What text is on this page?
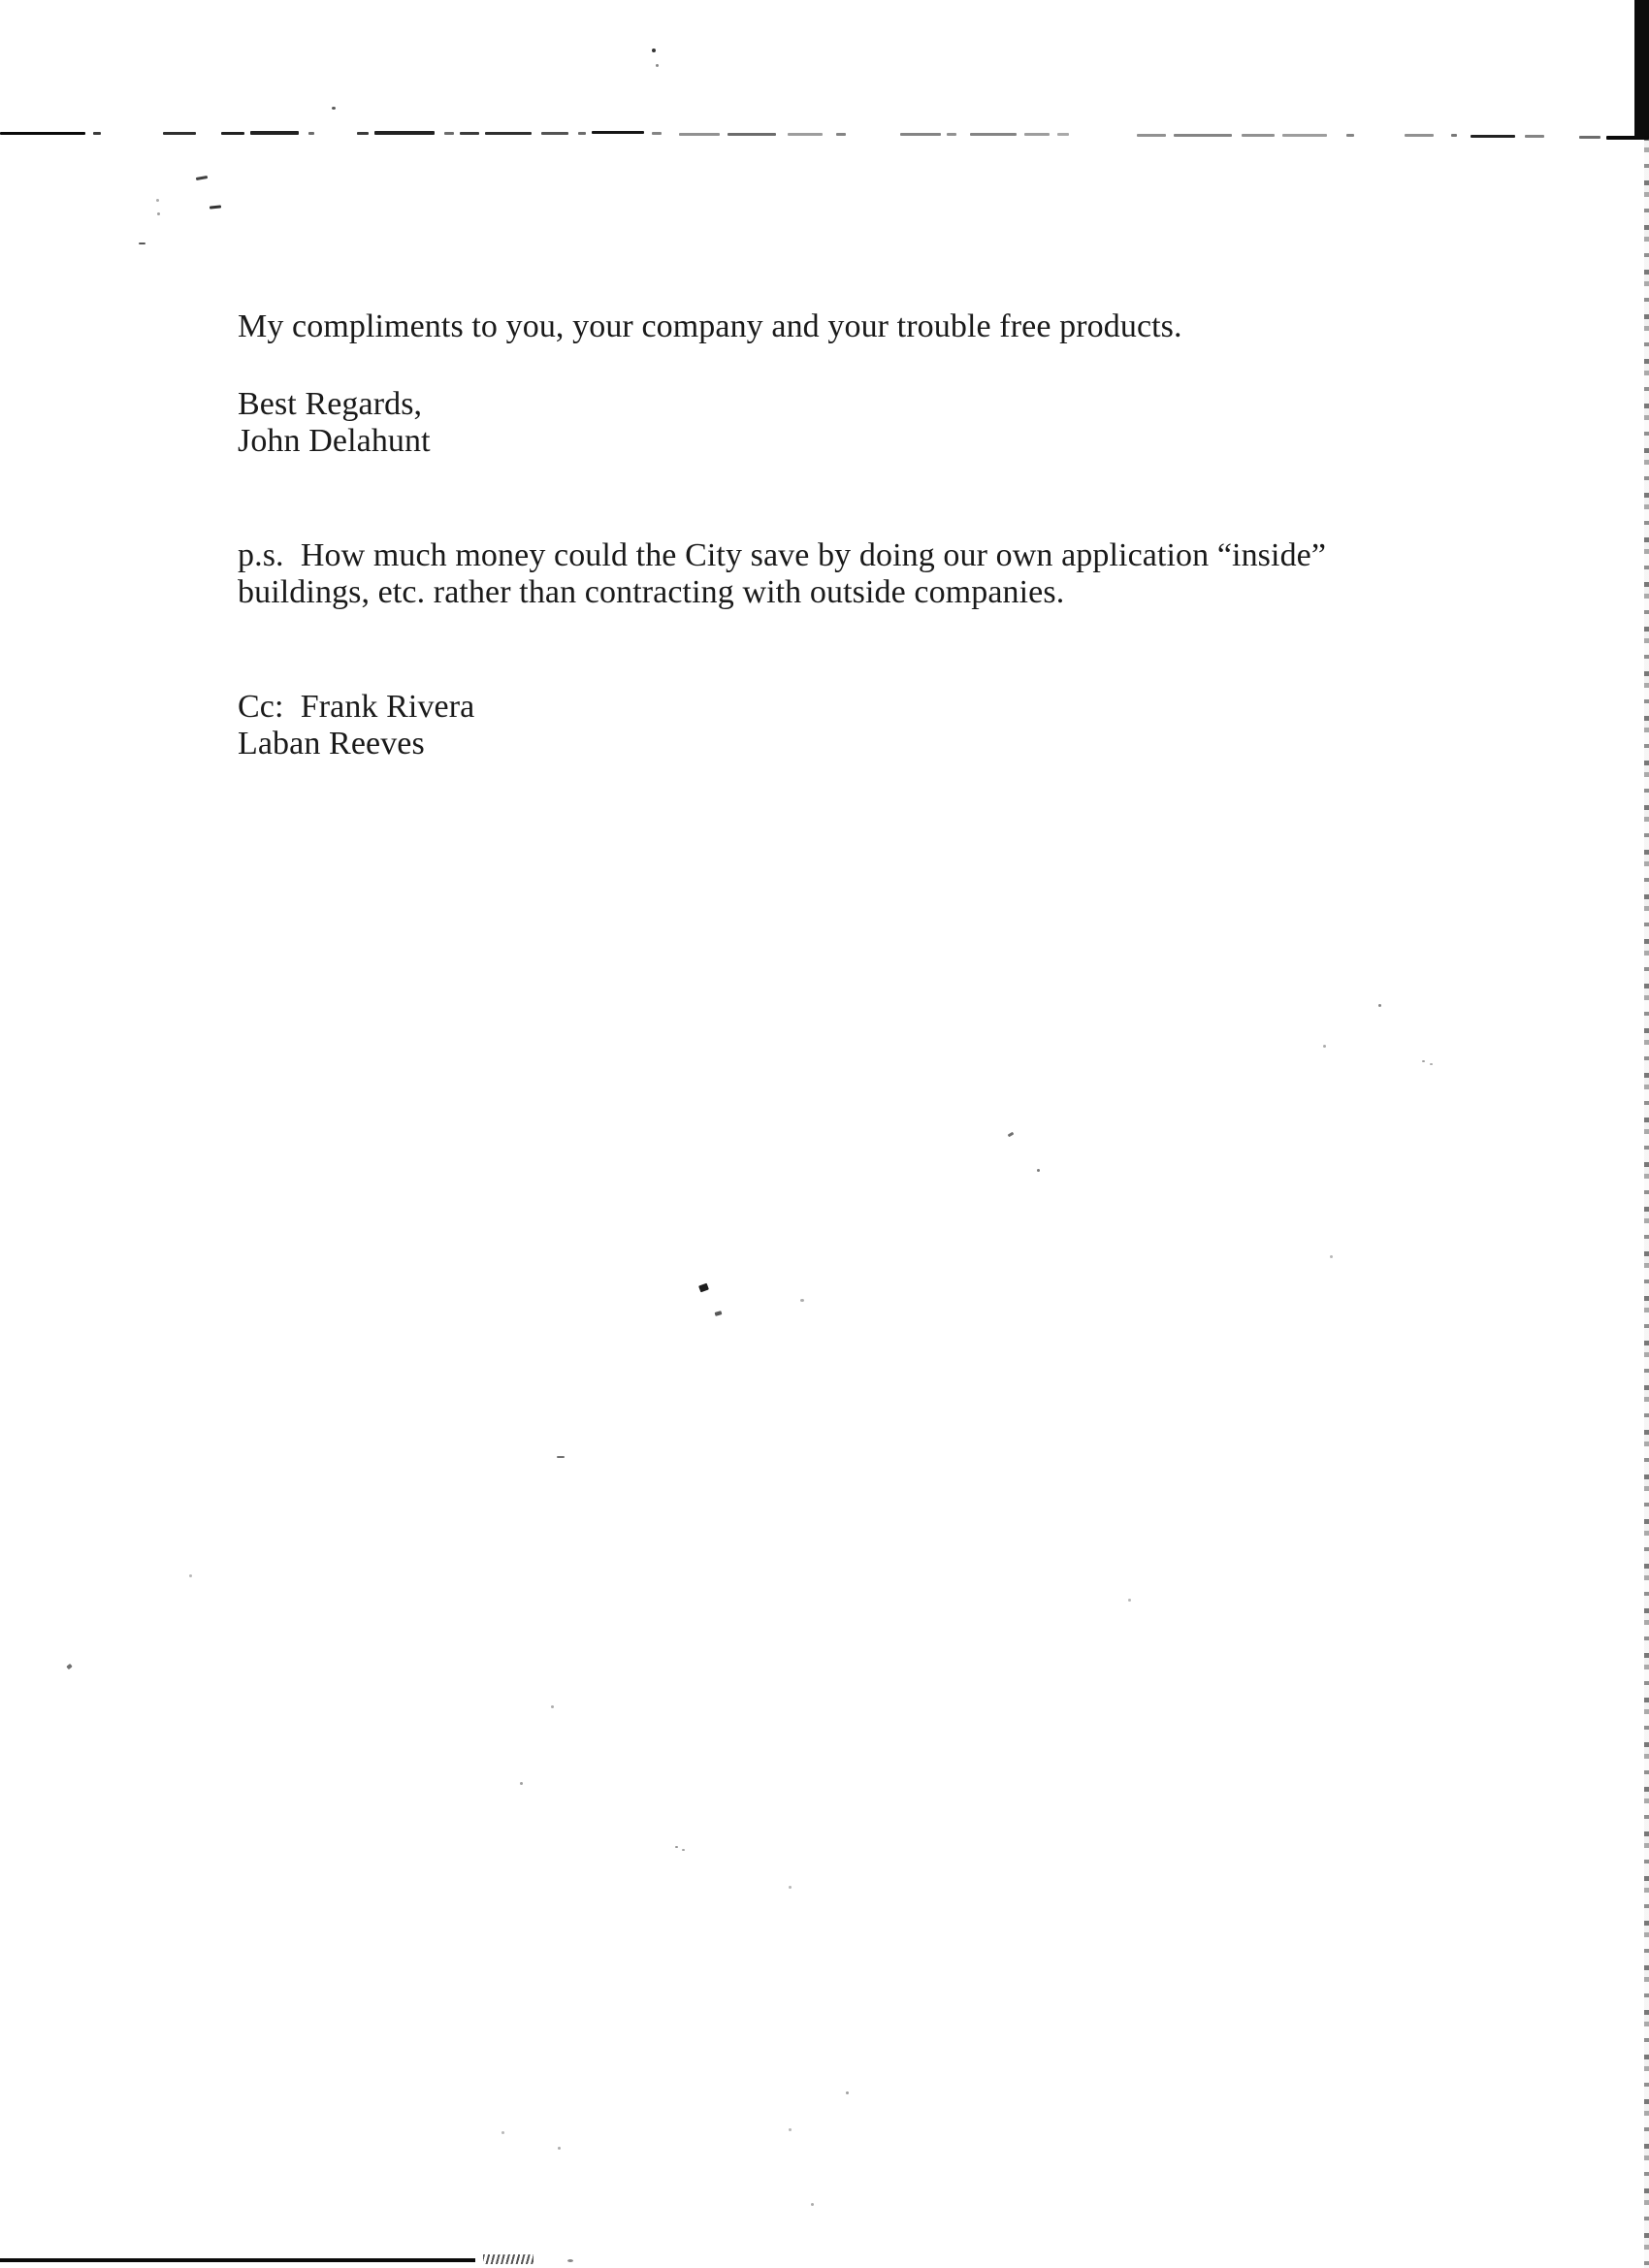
My compliments to you, your company and your trouble free products.

Best Regards,

John Delahunt

p.s.  How much money could the City save by doing our own application “inside”

buildings, etc. rather than contracting with outside companies.

Cc:  Frank Rivera

Laban Reeves
